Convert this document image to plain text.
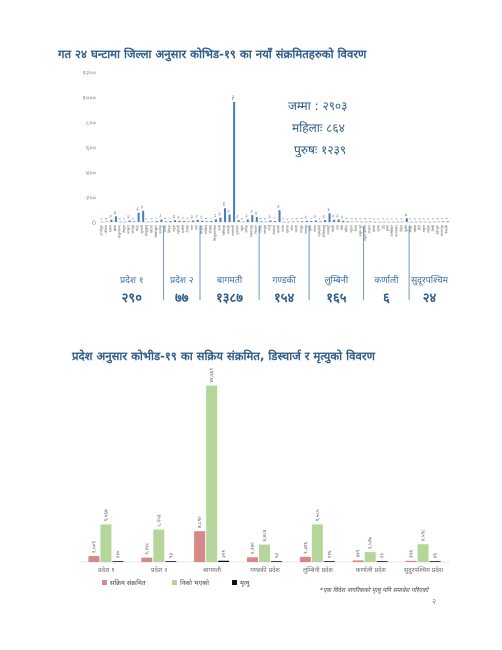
गत २४ घन्टामा जिल्ला अनुसार कोभिड-१९ का नयाँ संक्रमितहरुको विवरण
0
२००
४००
६००
८००
१०००
१२००
२ ४
१८
४५
३ २
१२
५
७५
९०
२ ३ ८
२०
६ ८ १४ १० ९ ५
१२ १८ १० ६ ८
२२ ३५
११०
६०
९६०
१५
३
२०
५५
४०
६ ४
१२ ८
९५
२ १ ५ ४ ६ १० ८ १२
५
१५
७०
१८ २० १० ६ ३ ४ २ ३ ५ १ १ २ १ १ २ २
३०
२ १ ३ २ १ २ ४ ५ ६
ताप्लेजुङ पाँचथर इलाम झापा संखुवासभा तेह्रथुम धनकुटा भोजपुर मोरङ सुनसरी सोलुखुम्बु खोटाङ ओखलढुंगा उदयपुर सप्तरी सिराहा धनुषा महोत्तरी सर्लाही रौतहट बारा पर्सा सिन्धुली रामेछाप दोलखा सिन्धुपाल्चोक काभ्रे ललितपुर भक्तपुर काठमाडौं नुवाकोट रसुवा धादिङ मकवानपुर चितवन गोरखा लमजुङ तनहुँ स्याङ्जा कास्की मनाङ मुस्ताङ पर्वत म्याग्दी बाग्लुङ नवलपुर गुल्मी पाल्पा अर्घाखाँची कपिलवस्तु रुपन्देही परासी दाङ बाँके बर्दिया प्युठान रोल्पा रुकुम पूर्व रुकुम पश्चिम सल्यान डोल्पा जुम्ला मुगु हुम्ला कालिकोट जाजरकोट दैलेख सुर्खेत बाजुरा बझाङ डोटी अछाम दार्चुला बैतडी डडेल्धुरा कञ्चनपुर कैलाली
जम्मा : २९०३
महिलाः ८६४
पुरुषः १२३९
प्रदेश १
२९०
प्रदेश २
७७
बागमती
१३८७
गण्डकी
१५४
लुम्बिनी
१६५
कर्णाली
६
सुदूरपश्चिम
२४
प्रदेश अनुसार कोभीड-१९ का सक्रिय संक्रमित, डिस्चार्ज र मृत्युको विवरण
१,५०९
९,५६७
११०	१,१४८
८,२५३
९३
७,८९०
४४,६६९
३२१	१,२४०
४,४८४
५३
१,३४६
९,५८५
११६	४४९
२,५२७
२१	३५६
४,५९८
४६
प्रदेश १	प्रदेश २	बागमती	गण्डकी प्रदेश	लुम्बिनी प्रदेश	कर्णाली प्रदेश	सुदुरपश्चिम प्रदेश
सक्रिय संक्रमित	निको भएको	मृत्यु
*एक विदेश नागरिकको मृत्यु पनि समावेश गरिएको
२
